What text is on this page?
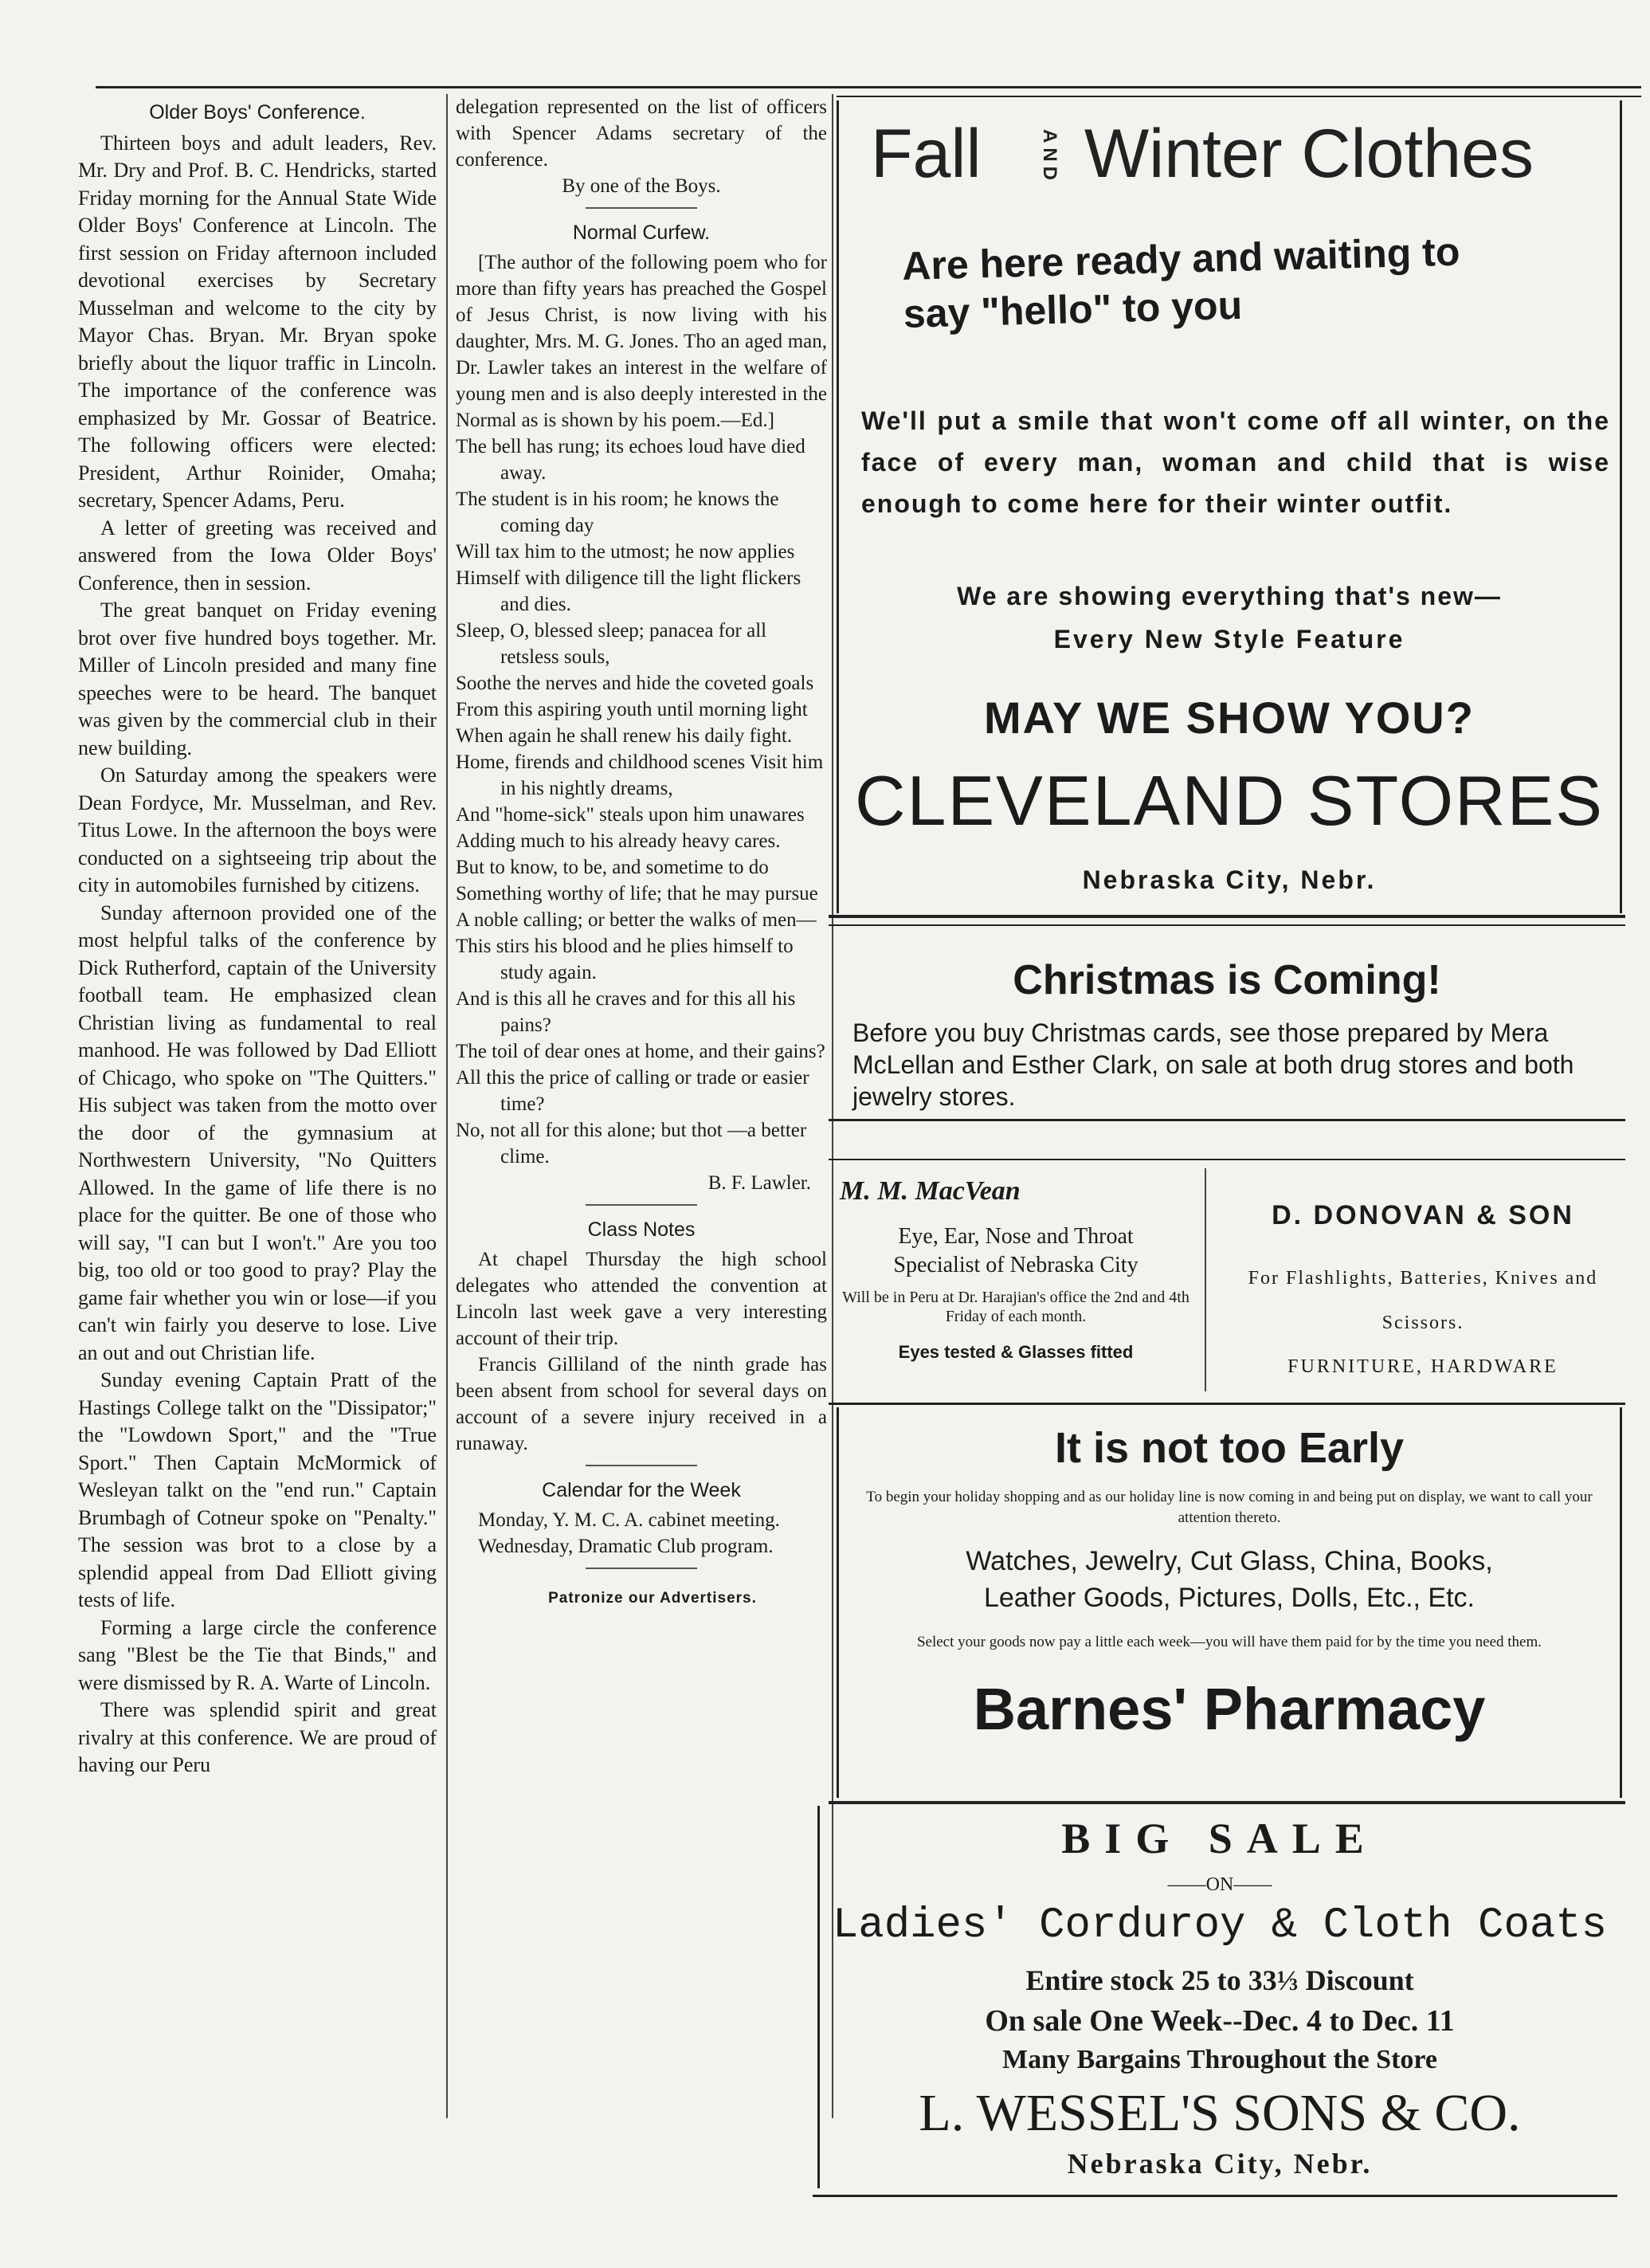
Older Boys' Conference.

Thirteen boys and adult leaders, Rev. Mr. Dry and Prof. B. C. Hendricks, started Friday morning for the Annual State Wide Older Boys' Conference at Lincoln. The first session on Friday afternoon included devotional exercises by Secretary Musselman and welcome to the city by Mayor Chas. Bryan. Mr. Bryan spoke briefly about the liquor traffic in Lincoln. The importance of the conference was emphasized by Mr. Gossar of Beatrice. The following officers were elected: President, Arthur Roinider, Omaha; secretary, Spencer Adams, Peru.

A letter of greeting was received and answered from the Iowa Older Boys' Conference, then in session.

The great banquet on Friday evening brot over five hundred boys together. Mr. Miller of Lincoln presided and many fine speeches were to be heard. The banquet was given by the commercial club in their new building.

On Saturday among the speakers were Dean Fordyce, Mr. Musselman, and Rev. Titus Lowe. In the afternoon the boys were conducted on a sightseeing trip about the city in automobiles furnished by citizens.

Sunday afternoon provided one of the most helpful talks of the conference by Dick Rutherford, captain of the University football team. He emphasized clean Christian living as fundamental to real manhood. He was followed by Dad Elliott of Chicago, who spoke on "The Quitters." His subject was taken from the motto over the door of the gymnasium at Northwestern University, "No Quitters Allowed. In the game of life there is no place for the quitter. Be one of those who will say, "I can but I won't." Are you too big, too old or too good to pray? Play the game fair whether you win or lose—if you can't win fairly you deserve to lose. Live an out and out Christian life.

Sunday evening Captain Pratt of the Hastings College talkt on the "Dissipator;" the "Lowdown Sport," and the "True Sport." Then Captain McMormick of Wesleyan talkt on the "end run." Captain Brumbagh of Cotneur spoke on "Penalty." The session was brot to a close by a splendid appeal from Dad Elliott giving tests of life.

Forming a large circle the conference sang "Blest be the Tie that Binds," and were dismissed by R. A. Warte of Lincoln.

There was splendid spirit and great rivalry at this conference. We are proud of having our Peru

delegation represented on the list of officers with Spencer Adams secretary of the conference.

By one of the Boys.

Normal Curfew.

[The author of the following poem who for more than fifty years has preached the Gospel of Jesus Christ, is now living with his daughter, Mrs. M. G. Jones. Tho an aged man, Dr. Lawler takes an interest in the welfare of young men and is also deeply interested in the Normal as is shown by his poem.—Ed.]

The bell has rung; its echoes loud have died away.

The student is in his room; he knows the coming day

Will tax him to the utmost; he now applies

Himself with diligence till the light flickers and dies.

Sleep, O, blessed sleep; panacea for all retsless souls,

Soothe the nerves and hide the coveted goals

From this aspiring youth until morning light

When again he shall renew his daily fight.

Home, firends and childhood scenes Visit him in his nightly dreams,

And "home-sick" steals upon him unawares

Adding much to his already heavy cares.

But to know, to be, and sometime to do

Something worthy of life; that he may pursue

A noble calling; or better the walks of men—

This stirs his blood and he plies himself to study again.

And is this all he craves and for this all his pains?

The toil of dear ones at home, and their gains?

All this the price of calling or trade or easier time?

No, not all for this alone; but thot —a better clime.

B. F. Lawler.

Class Notes

At chapel Thursday the high school delegates who attended the convention at Lincoln last week gave a very interesting account of their trip.

Francis Gilliland of the ninth grade has been absent from school for several days on account of a severe injury received in a runaway.

Calendar for the Week

Monday, Y. M. C. A. cabinet meeting.

Wednesday, Dramatic Club program.

Patronize our Advertisers.

Fall	AND Winter Clothes
Are here ready and waiting to say "hello" to you
We'll put a smile that won't come off all winter, on the face of every man, woman and child that is wise enough to come here for their winter outfit.
We are showing everything that's new—
Every New Style Feature
MAY WE SHOW YOU?
CLEVELAND STORES
Nebraska City, Nebr.
Christmas is Coming!
Before you buy Christmas cards, see those prepared by Mera McLellan and Esther Clark, on sale at both drug stores and both jewelry stores.
M. M. MacVean
Eye, Ear, Nose and Throat
Specialist of Nebraska City
Will be in Peru at Dr. Harajian's office the 2nd and 4th Friday of each month.
Eyes tested & Glasses fitted
D. DONOVAN & SON
For Flashlights, Batteries, Knives and Scissors.
FURNITURE, HARDWARE
It is not too Early
To begin your holiday shopping and as our holiday line is now coming in and being put on display, we want to call your attention thereto.
Watches, Jewelry, Cut Glass, China, Books, Leather Goods, Pictures, Dolls, Etc., Etc.
Select your goods now pay a little each week—you will have them paid for by the time you need them.
Barnes' Pharmacy
BIG SALE
——ON——
Ladies' Corduroy & Cloth Coats
Entire stock 25 to 33⅓ Discount
On sale One Week--Dec. 4 to Dec. 11
Many Bargains Throughout the Store
L. WESSEL'S SONS & CO.
Nebraska City, Nebr.
